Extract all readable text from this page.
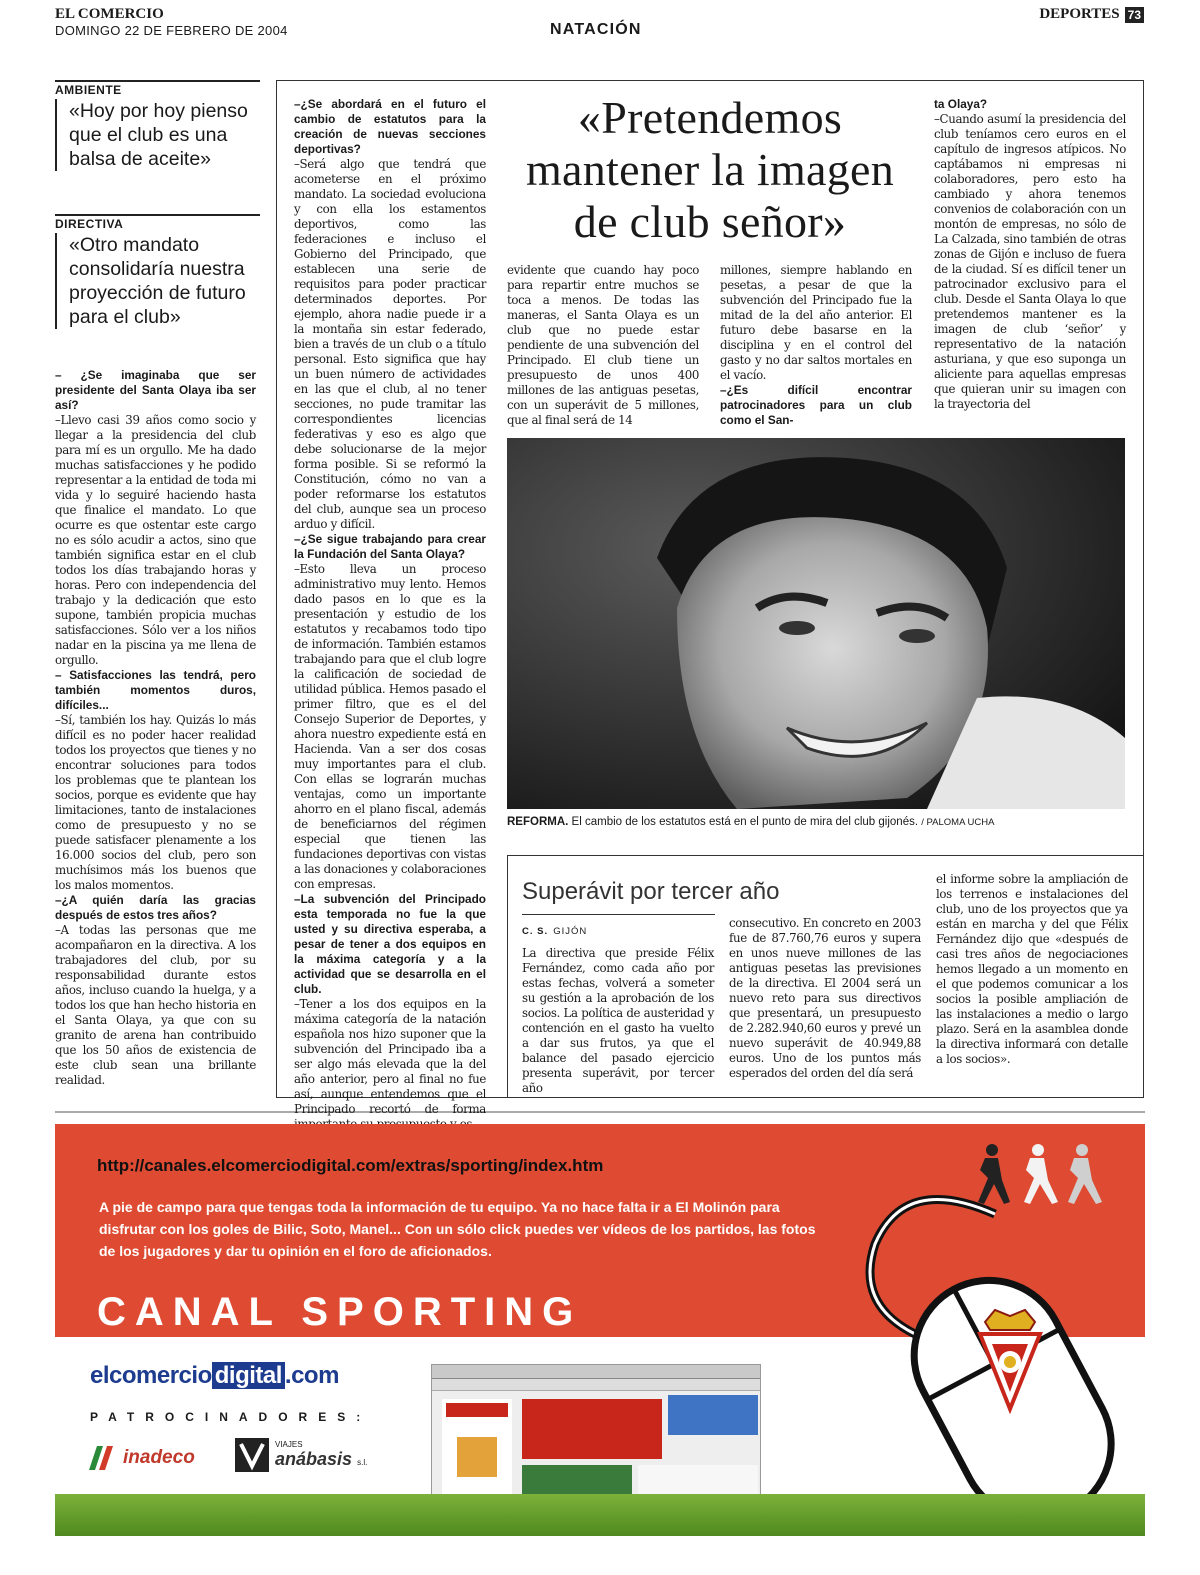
EL COMERCIO
DOMINGO 22 DE FEBRERO DE 2004	NATACIÓN
DEPORTES 73
AMBIENTE
«Hoy por hoy pienso que el club es una balsa de aceite»
DIRECTIVA
«Otro mandato consolidaría nuestra proyección de futuro para el club»

– ¿Se imaginaba que ser presidente del Santa Olaya iba ser así?

–Llevo casi 39 años como socio y llegar a la presidencia del club para mí es un orgullo. Me ha dado muchas satisfacciones y he podido representar a la entidad de toda mi vida y lo seguiré haciendo hasta que finalice el mandato. Lo que ocurre es que ostentar este cargo no es sólo acudir a actos, sino que también significa estar en el club todos los días trabajando horas y horas. Pero con independencia del trabajo y la dedicación que esto supone, también propicia muchas satisfacciones. Sólo ver a los niños nadar en la piscina ya me llena de orgullo.

– Satisfacciones las tendrá, pero también momentos duros, difíciles...

–Sí, también los hay. Quizás lo más difícil es no poder hacer realidad todos los proyectos que tienes y no encontrar soluciones para todos los problemas que te plantean los socios, porque es evidente que hay limitaciones, tanto de instalaciones como de presupuesto y no se puede satisfacer plenamente a los 16.000 socios del club, pero son muchísimos más los buenos que los malos momentos.

–¿A quién daría las gracias después de estos tres años?

–A todas las personas que me acompañaron en la directiva. A los trabajadores del club, por su responsabilidad durante estos años, incluso cuando la huelga, y a todos los que han hecho historia en el Santa Olaya, ya que con su granito de arena han contribuido que los 50 años de existencia de este club sean una brillante realidad.

–¿Se abordará en el futuro el cambio de estatutos para la creación de nuevas secciones deportivas?

–Será algo que tendrá que acometerse en el próximo mandato. La sociedad evoluciona y con ella los estamentos deportivos, como las federaciones e incluso el Gobierno del Principado, que establecen una serie de requisitos para poder practicar determinados deportes. Por ejemplo, ahora nadie puede ir a la montaña sin estar federado, bien a través de un club o a título personal. Esto significa que hay un buen número de actividades en las que el club, al no tener secciones, no pude tramitar las correspondientes licencias federativas y eso es algo que debe solucionarse de la mejor forma posible. Si se reformó la Constitución, cómo no van a poder reformarse los estatutos del club, aunque sea un proceso arduo y difícil.

–¿Se sigue trabajando para crear la Fundación del Santa Olaya?

–Esto lleva un proceso administrativo muy lento. Hemos dado pasos en lo que es la presentación y estudio de los estatutos y recabamos todo tipo de información. También estamos trabajando para que el club logre la calificación de sociedad de utilidad pública. Hemos pasado el primer filtro, que es el del Consejo Superior de Deportes, y ahora nuestro expediente está en Hacienda. Van a ser dos cosas muy importantes para el club. Con ellas se lograrán muchas ventajas, como un importante ahorro en el plano fiscal, además de beneficiarnos del régimen especial que tienen las fundaciones deportivas con vistas a las donaciones y colaboraciones con empresas.

–La subvención del Principado esta temporada no fue la que usted y su directiva esperaba, a pesar de tener a dos equipos en la máxima categoría y a la actividad que se desarrolla en el club.

–Tener a los dos equipos en la máxima categoría de la natación española nos hizo suponer que la subvención del Principado iba a ser algo más elevada que la del año anterior, pero al final no fue así, aunque entendemos que el Principado recortó de forma

«Pretendemos mantener la imagen de club señor»

evidente que cuando hay poco para repartir entre muchos se toca a menos. De todas las maneras, el Santa Olaya es un club que no puede estar pendiente de una subvención del Principado. El club tiene un presupuesto de unos 400 millones de las antiguas pesetas, con un superávit de 5 millones, que al final será de 14

millones, siempre hablando en pesetas, a pesar de que la subvención del Principado fue la mitad de la del año anterior. El futuro debe basarse en la disciplina y en el control del gasto y no dar saltos mortales en el vacío.

–¿Es difícil encontrar patrocinadores para un club como el San-

ta Olaya?

–Cuando asumí la presidencia del club teníamos cero euros en el capítulo de ingresos atípicos. No captábamos ni empresas ni colaboradores, pero esto ha cambiado y ahora tenemos convenios de colaboración con un montón de empresas, no sólo de La Calzada, sino también de otras zonas de Gijón e incluso de fuera de la ciudad. Sí es difícil tener un patrocinador exclusivo para el club. Desde el Santa Olaya lo que pretendemos mantener es la imagen de club ‘señor’ y representativo de la natación asturiana, y que eso suponga un aliciente para aquellas empresas que quieran unir su imagen con la trayectoria del

REFORMA. El cambio de los estatutos está en el punto de mira del club gijonés. / PALOMA UCHA
Superávit por tercer año
C. S. GIJÓN
La directiva que preside Félix Fernández, como cada año por estas fechas, volverá a someter su gestión a la aprobación de los socios. La política de austeridad y contención en el gasto ha vuelto a dar sus frutos, ya que el balance del pasado ejercicio presenta superávit, por tercer año
consecutivo. En concreto en 2003 fue de 87.760,76 euros y supera en unos nueve millones de las antiguas pesetas las previsiones de la directiva. El 2004 será un nuevo reto para sus directivos que presentará, un presupuesto de 2.282.940,60 euros y prevé un nuevo superávit de 40.949,88 euros. Uno de los puntos más esperados del orden del día será
el informe sobre la ampliación de los terrenos e instalaciones del club, uno de los proyectos que ya están en marcha y del que Félix Fernández dijo que «después de casi tres años de negociaciones hemos llegado a un momento en el que podemos comunicar a los socios la posible ampliación de las instalaciones a medio o largo plazo. Será en la asamblea donde la directiva informará con detalle a los socios».
http://canales.elcomerciodigital.com/extras/sporting/index.htm
A pie de campo para que tengas toda la información de tu equipo. Ya no hace falta ir a El Molinón para disfrutar con los goles de Bilic, Soto, Manel... Con un sólo click puedes ver vídeos de los partidos, las fotos de los jugadores y dar tu opinión en el foro de aficionados.
CANAL SPORTING
elcomercio digital .com
PATROCINADORES:
inadeco
VIAJES
anábasis s.l.
